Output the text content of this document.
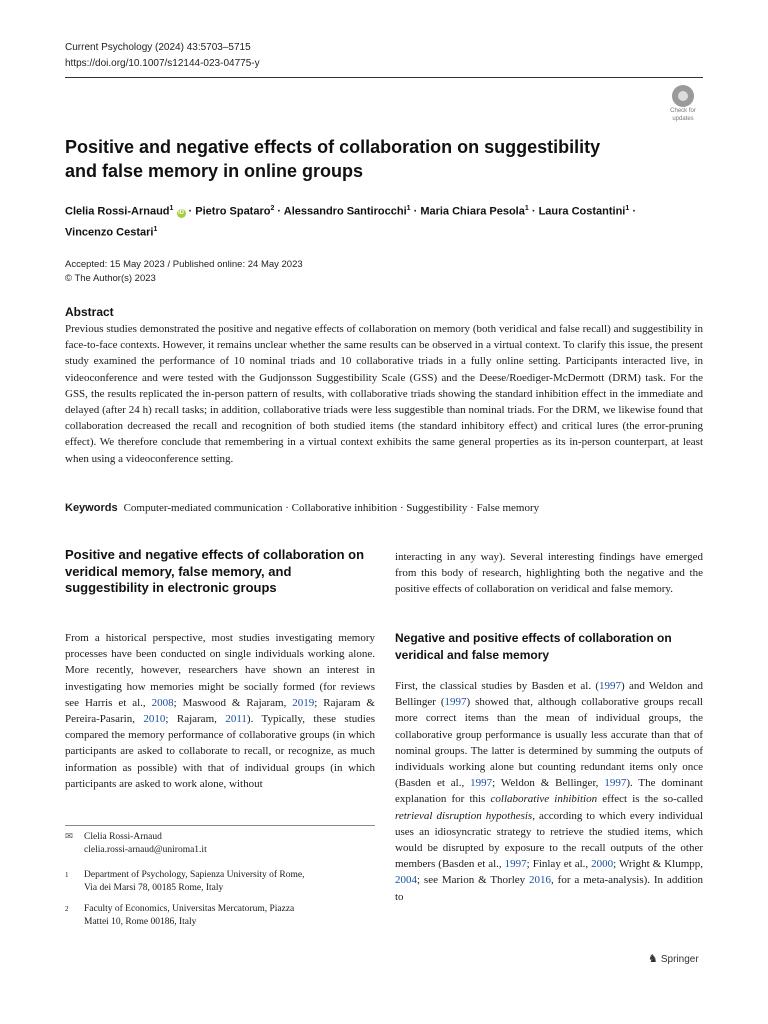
Current Psychology (2024) 43:5703–5715
https://doi.org/10.1007/s12144-023-04775-y
Check for
updates
Positive and negative effects of collaboration on suggestibility and false memory in online groups
Clelia Rossi-Arnaud$^1$ iD · Pietro Spataro$^2$ · Alessandro Santirocchi$^1$ · Maria Chiara Pesola$^1$ · Laura Costantini$^1$ ·
Vincenzo Cestari$^1$
Accepted: 15 May 2023 / Published online: 24 May 2023
© The Author(s) 2023
Abstract
Previous studies demonstrated the positive and negative effects of collaboration on memory (both veridical and false recall) and suggestibility in face-to-face contexts. However, it remains unclear whether the same results can be observed in a virtual context. To clarify this issue, the present study examined the performance of 10 nominal triads and 10 collaborative triads in a fully online setting. Participants interacted live, in videoconference and were tested with the Gudjonsson Suggestibility Scale (GSS) and the Deese/Roediger-McDermott (DRM) task. For the GSS, the results replicated the in-person pattern of results, with collaborative triads showing the standard inhibition effect in the immediate and delayed (after 24 h) recall tasks; in addition, collaborative triads were less suggestible than nominal triads. For the DRM, we likewise found that collaboration decreased the recall and recognition of both studied items (the standard inhibitory effect) and critical lures (the error-pruning effect). We therefore conclude that remembering in a virtual context exhibits the same general properties as its in-person counterpart, at least when using a videoconference setting.
Keywords Computer-mediated communication · Collaborative inhibition · Suggestibility · False memory
Positive and negative effects of collaboration on veridical memory, false memory, and suggestibility in electronic groups
From a historical perspective, most studies investigating memory processes have been conducted on single individuals working alone. More recently, however, researchers have shown an interest in investigating how memories might be socially formed (for reviews see Harris et al., 2008; Maswood & Rajaram, 2019; Rajaram & Pereira-Pasarin, 2010; Rajaram, 2011). Typically, these studies compared the memory performance of collaborative groups (in which participants are asked to collaborate to recall, or recognize, as much information as possible) with that of individual groups (in which participants are asked to work alone, without
✉ Clelia Rossi-Arnaud
clelia.rossi-arnaud@uniroma1.it
1 Department of Psychology, Sapienza University of Rome,
Via dei Marsi 78, 00185 Rome, Italy
2 Faculty of Economics, Universitas Mercatorum, Piazza
Mattei 10, Rome 00186, Italy
interacting in any way). Several interesting findings have emerged from this body of research, highlighting both the negative and the positive effects of collaboration on veridical and false memory.
Negative and positive effects of collaboration on veridical and false memory
First, the classical studies by Basden et al. (1997) and Weldon and Bellinger (1997) showed that, although collaborative groups recall more correct items than the mean of individual groups, the collaborative group performance is usually less accurate than that of nominal groups. The latter is determined by summing the outputs of individuals working alone but counting redundant items only once (Basden et al., 1997; Weldon & Bellinger, 1997). The dominant explanation for this collaborative inhibition effect is the so-called retrieval disruption hypothesis, according to which every individual uses an idiosyncratic strategy to retrieve the studied items, which would be disrupted by exposure to the recall outputs of the other members (Basden et al., 1997; Finlay et al., 2000; Wright & Klumpp, 2004; see Marion & Thorley 2016, for a meta-analysis). In addition to
♞ Springer
